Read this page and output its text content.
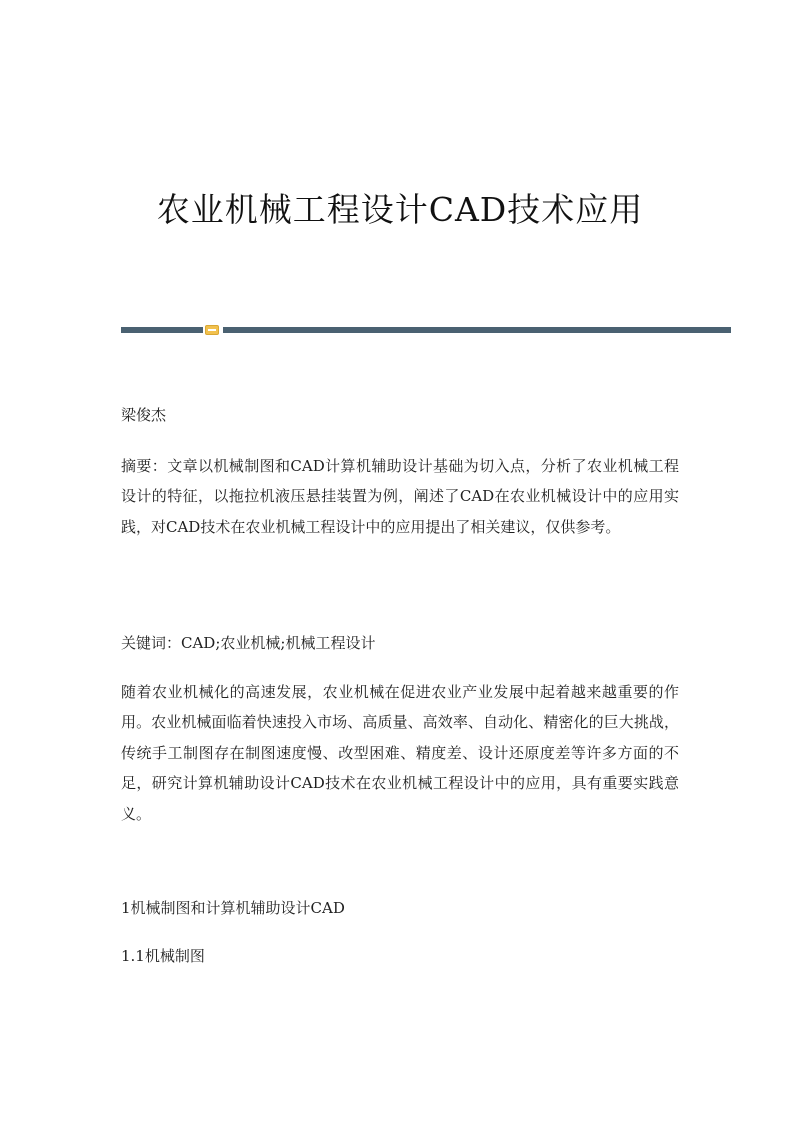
农业机械工程设计CAD技术应用
梁俊杰
摘要：文章以机械制图和CAD计算机辅助设计基础为切入点，分析了农业机械工程设计的特征，以拖拉机液压悬挂装置为例，阐述了CAD在农业机械设计中的应用实践，对CAD技术在农业机械工程设计中的应用提出了相关建议，仅供参考。
关键词：CAD;农业机械;机械工程设计
随着农业机械化的高速发展，农业机械在促进农业产业发展中起着越来越重要的作用。农业机械面临着快速投入市场、高质量、高效率、自动化、精密化的巨大挑战，传统手工制图存在制图速度慢、改型困难、精度差、设计还原度差等许多方面的不足，研究计算机辅助设计CAD技术在农业机械工程设计中的应用，具有重要实践意义。
1机械制图和计算机辅助设计CAD
1.1机械制图
